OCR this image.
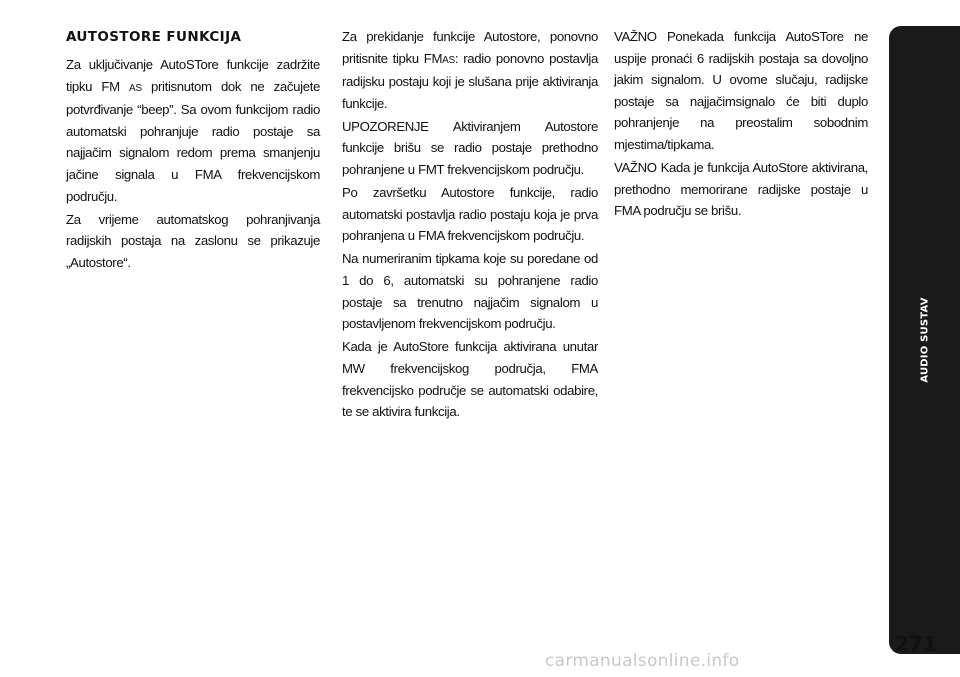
AUTOSTORE FUNKCIJA

Za uključivanje AutoSTore funkcije zadržite tipku FM AS pritisnutom dok ne začujete potvrđivanje “beep”. Sa ovom funkcijom radio automatski pohranjuje radio postaje sa najjačim signalom redom prema smanjenju jačine signala u FMA frekvencijskom području.

Za vrijeme automatskog pohranjivanja radijskih postaja na zaslonu se prikazuje „Autostore“.

Za prekidanje funkcije Autostore, ponovno pritisnite tipku FMAS: radio ponovno postavlja radijsku postaju koji je slušana prije aktiviranja funkcije.

UPOZORENJE Aktiviranjem Autostore funkcije brišu se radio postaje prethodno pohranjene u FMT frekvencijskom području.

Po završetku Autostore funkcije, radio automatski postavlja radio postaju koja je prva pohranjena u FMA frekvencijskom području.

Na numeriranim tipkama koje su poredane od 1 do 6, automatski su pohranjene radio postaje sa trenutno najjačim signalom u postavljenom frekvencijskom području.

Kada je AutoStore funkcija aktivirana unutar MW frekvencijskog područja, FMA frekvencijsko područje se automatski odabire, te se aktivira funkcija.

VAŽNO Ponekada funkcija AutoSTore ne uspije pronaći 6 radijskih postaja sa dovoljno jakim signalom. U ovome slučaju, radijske postaje sa najjačimsignalo će biti duplo pohranjenje na preostalim sobodnim mjestima/tipkama.

VAŽNO Kada je funkcija AutoStore aktivirana, prethodno memorirane radijske postaje u FMA području se brišu.

AUDIO SUSTAV
271
carmanualsonline.info
